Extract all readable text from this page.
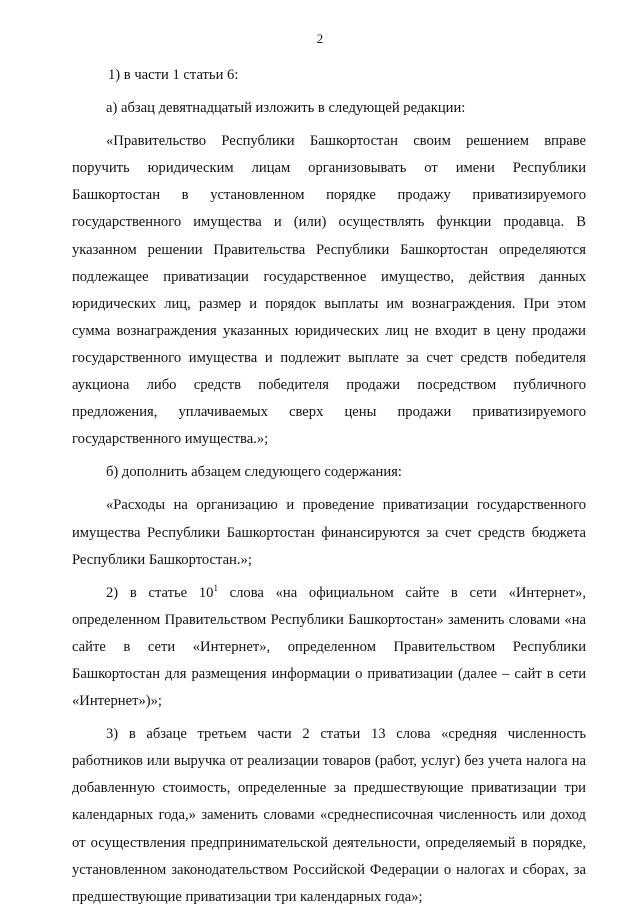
2

1) в части 1 статьи 6:

а) абзац девятнадцатый изложить в следующей редакции:

«Правительство Республики Башкортостан своим решением вправе поручить юридическим лицам организовывать от имени Республики Башкортостан в установленном порядке продажу приватизируемого государственного имущества и (или) осуществлять функции продавца. В указанном решении Правительства Республики Башкортостан определяются подлежащее приватизации государственное имущество, действия данных юридических лиц, размер и порядок выплаты им вознаграждения. При этом сумма вознаграждения указанных юридических лиц не входит в цену продажи государственного имущества и подлежит выплате за счет средств победителя аукциона либо средств победителя продажи посредством публичного предложения, уплачиваемых сверх цены продажи приватизируемого государственного имущества.»;

б) дополнить абзацем следующего содержания:

«Расходы на организацию и проведение приватизации государственного имущества Республики Башкортостан финансируются за счет средств бюджета Республики Башкортостан.»;

2) в статье $10^1$ слова «на официальном сайте в сети «Интернет», определенном Правительством Республики Башкортостан» заменить словами «на сайте в сети «Интернет», определенном Правительством Республики Башкортостан для размещения информации о приватизации (далее – сайт в сети «Интернет»)»;

3) в абзаце третьем части 2 статьи 13 слова «средняя численность работников или выручка от реализации товаров (работ, услуг) без учета налога на добавленную стоимость, определенные за предшествующие приватизации три календарных года,» заменить словами «среднесписочная численность или доход от осуществления предпринимательской деятельности, определяемый в порядке, установленном законодательством Российской Федерации о налогах и сборах, за предшествующие приватизации три календарных года»;
